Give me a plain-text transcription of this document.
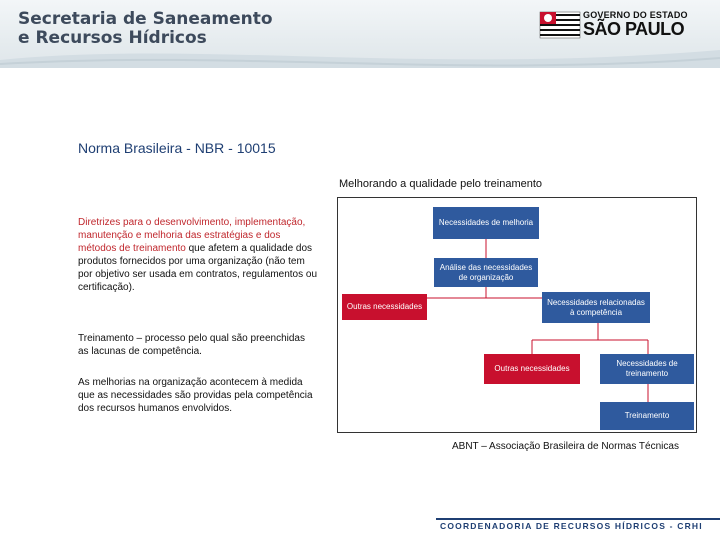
Secretaria de Saneamento
e Recursos Hídricos
GOVERNO DO ESTADO
SÃO PAULO
Norma Brasileira - NBR - 10015
Diretrizes para o desenvolvimento, implementação, manutenção e melhoria das estratégias e dos métodos de treinamento que afetem a qualidade dos produtos fornecidos por uma organização (não tem por objetivo ser usada em contratos, regulamentos ou certificação).
Treinamento – processo pelo qual são preenchidas as lacunas de competência.
As melhorias na organização acontecem à medida que as necessidades são providas pela competência dos recursos humanos envolvidos.
Melhorando a qualidade pelo treinamento
Necessidades de melhoria
Análise das necessidades de organização
Outras necessidades	Necessidades relacionadas à competência
Outras necessidades
Necessidades de treinamento
Treinamento
ABNT – Associação Brasileira de Normas Técnicas
COORDENADORIA DE RECURSOS HÍDRICOS - CRHI
